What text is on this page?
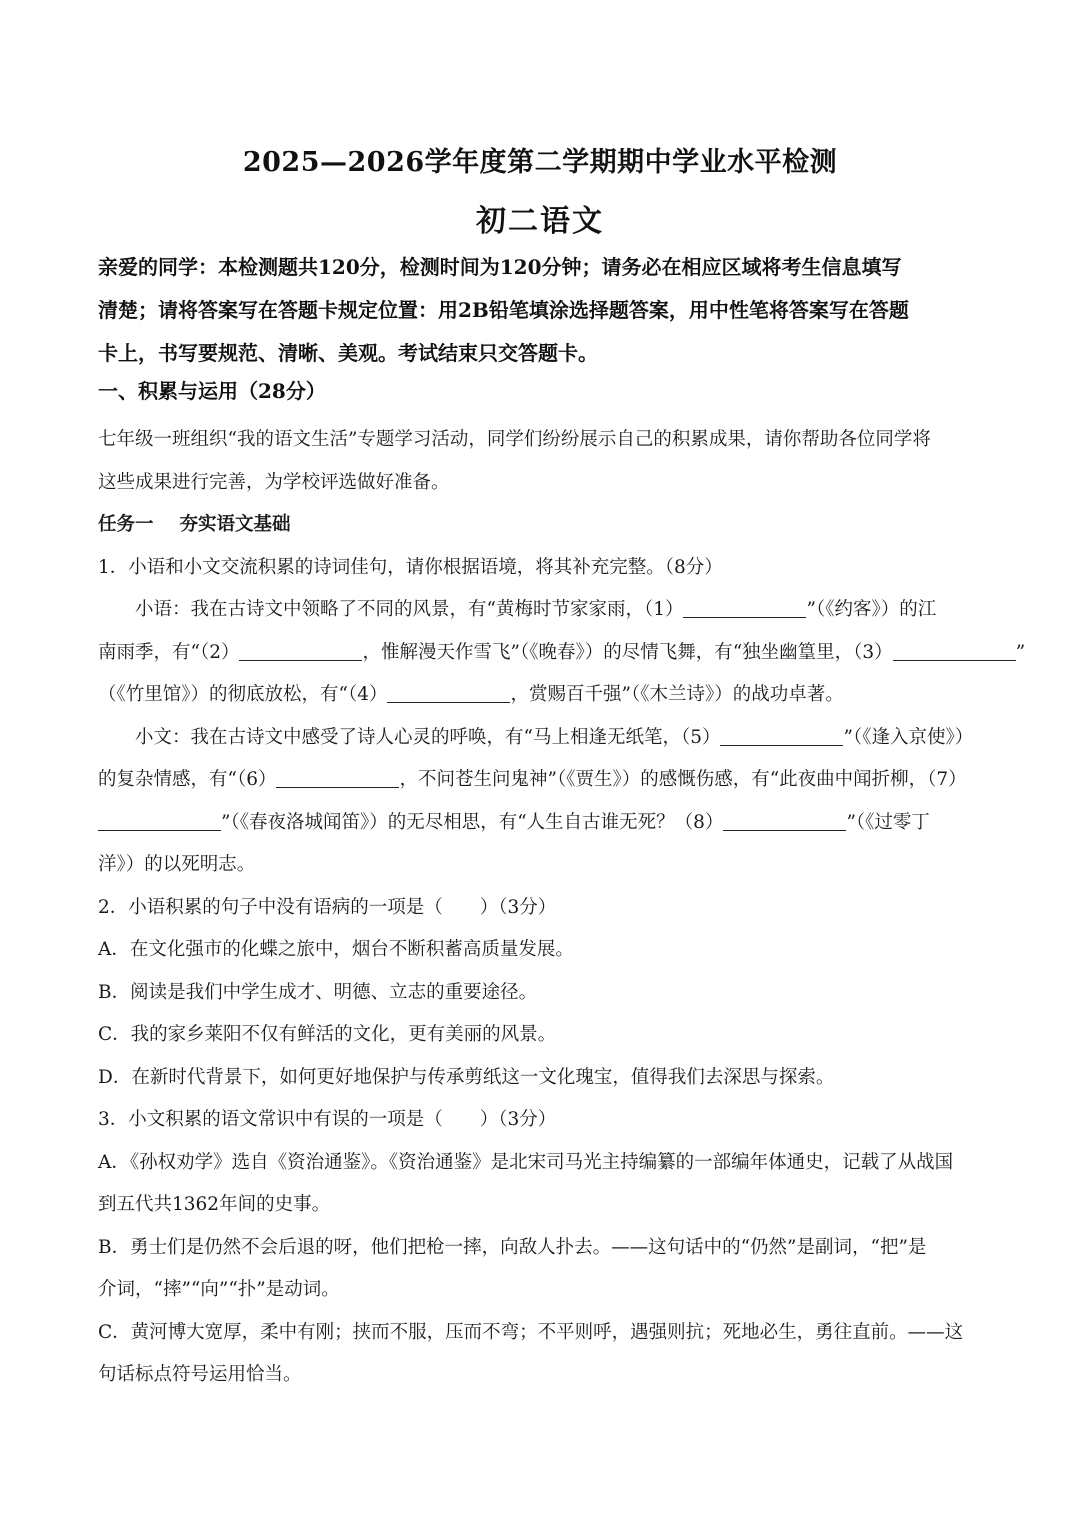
2025—2026学年度第二学期期中学业水平检测
初二语文
亲爱的同学：本检测题共120分，检测时间为120分钟；请务必在相应区域将考生信息填写
清楚；请将答案写在答题卡规定位置：用2B铅笔填涂选择题答案，用中性笔将答案写在答题
卡上，书写要规范、清晰、美观。考试结束只交答题卡。
一、积累与运用（28分）
七年级一班组织“我的语文生活”专题学习活动，同学们纷纷展示自己的积累成果，请你帮助各位同学将
这些成果进行完善，为学校评选做好准备。
任务一 夯实语文基础
1．小语和小文交流积累的诗词佳句，请你根据语境，将其补充完整。（8分）
小语：我在古诗文中领略了不同的风景，有“黄梅时节家家雨，（1）	”（《约客》）的江
南雨季，有“（2）	，惟解漫天作雪飞”（《晚春》）的尽情飞舞，有“独坐幽篁里，（3）	”
（《竹里馆》）的彻底放松，有“（4）	，赏赐百千强”（《木兰诗》）的战功卓著。
小文：我在古诗文中感受了诗人心灵的呼唤，有“马上相逢无纸笔，（5）	”（《逢入京使》）
的复杂情感，有“（6）	，不问苍生问鬼神”（《贾生》）的感慨伤感，有“此夜曲中闻折柳，（7）
”（《春夜洛城闻笛》）的无尽相思，有“人生自古谁无死？（8）	”（《过零丁
洋》）的以死明志。
2．小语积累的句子中没有语病的一项是（　　）（3分）
A．在文化强市的化蝶之旅中，烟台不断积蓄高质量发展。
B．阅读是我们中学生成才、明德、立志的重要途径。
C．我的家乡莱阳不仅有鲜活的文化，更有美丽的风景。
D．在新时代背景下，如何更好地保护与传承剪纸这一文化瑰宝，值得我们去深思与探索。
3．小文积累的语文常识中有误的一项是（　　）（3分）
A．《孙权劝学》选自《资治通鉴》。《资治通鉴》是北宋司马光主持编纂的一部编年体通史，记载了从战国
到五代共1362年间的史事。
B．勇士们是仍然不会后退的呀，他们把枪一摔，向敌人扑去。——这句话中的“仍然”是副词，“把”是
介词，“摔”“向”“扑”是动词。
C．黄河博大宽厚，柔中有刚；挟而不服，压而不弯；不平则呼，遇强则抗；死地必生，勇往直前。——这
句话标点符号运用恰当。
